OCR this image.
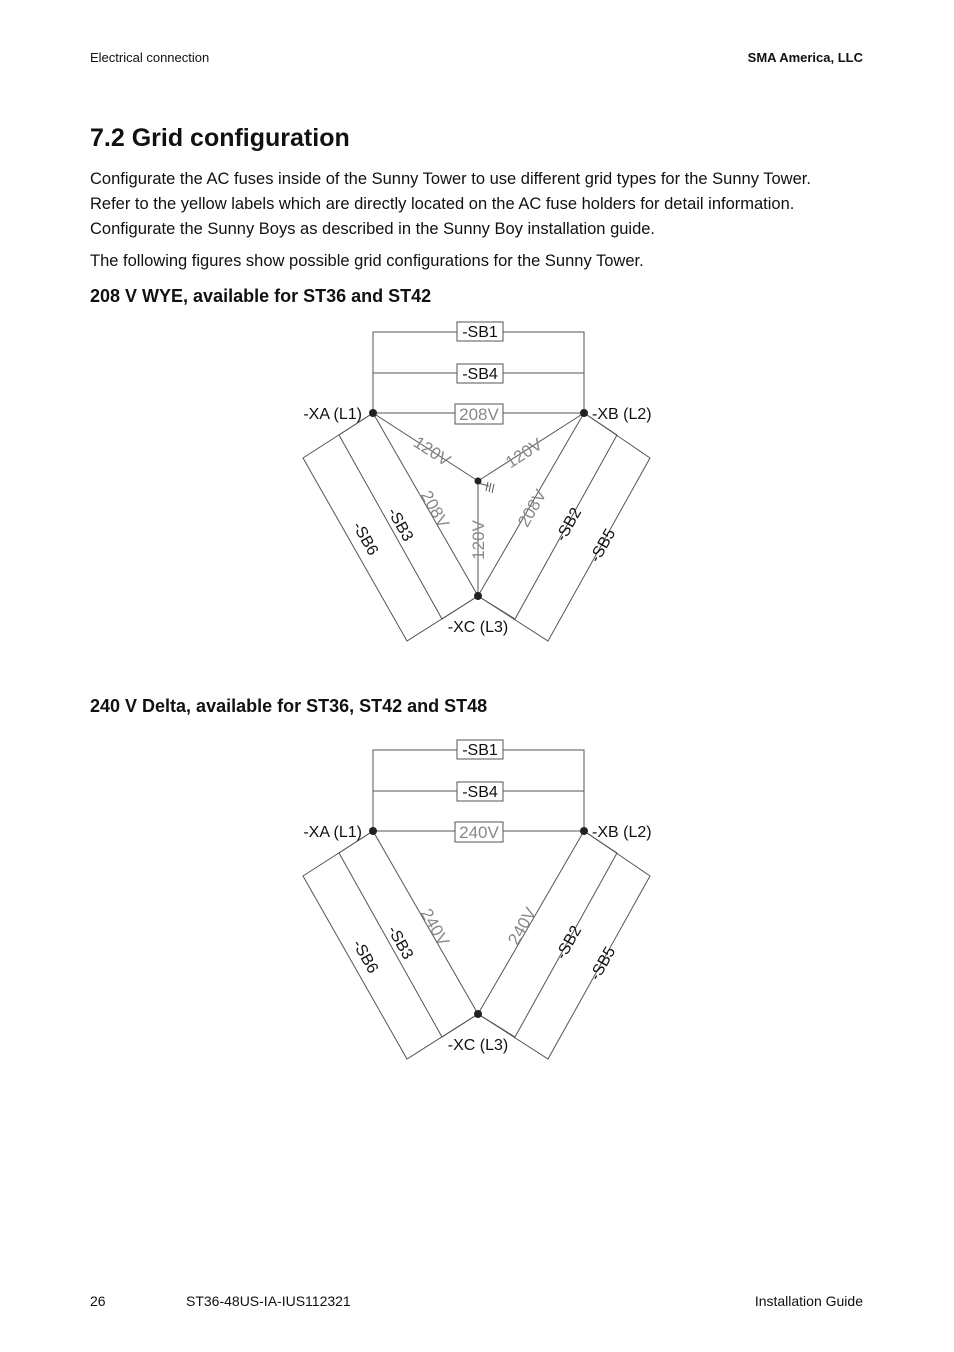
Electrical connection	SMA America, LLC
7.2 Grid configuration

Configurate the AC fuses inside of the Sunny Tower to use different grid types for the Sunny Tower.
Refer to the yellow labels which are directly located on the AC fuse holders for detail information.
Configurate the Sunny Boys as described in the Sunny Boy installation guide.

The following figures show possible grid configurations for the Sunny Tower.

208 V WYE, available for ST36 and ST42
-SB1
-SB4
-XA (L1)	-XB (L2)
-XC (L3)
-SB6 -SB3	-SB2
-SB5
208V
120V	120V
208V	208V
120V
240 V Delta, available for ST36, ST42 and ST48
-SB1
-SB4
-XA (L1)	-XB (L2)
-XC (L3)
-SB6 -SB3	-SB2
-SB5
240V
240V	240V
26	ST36-48US-IA-IUS112321	Installation Guide
